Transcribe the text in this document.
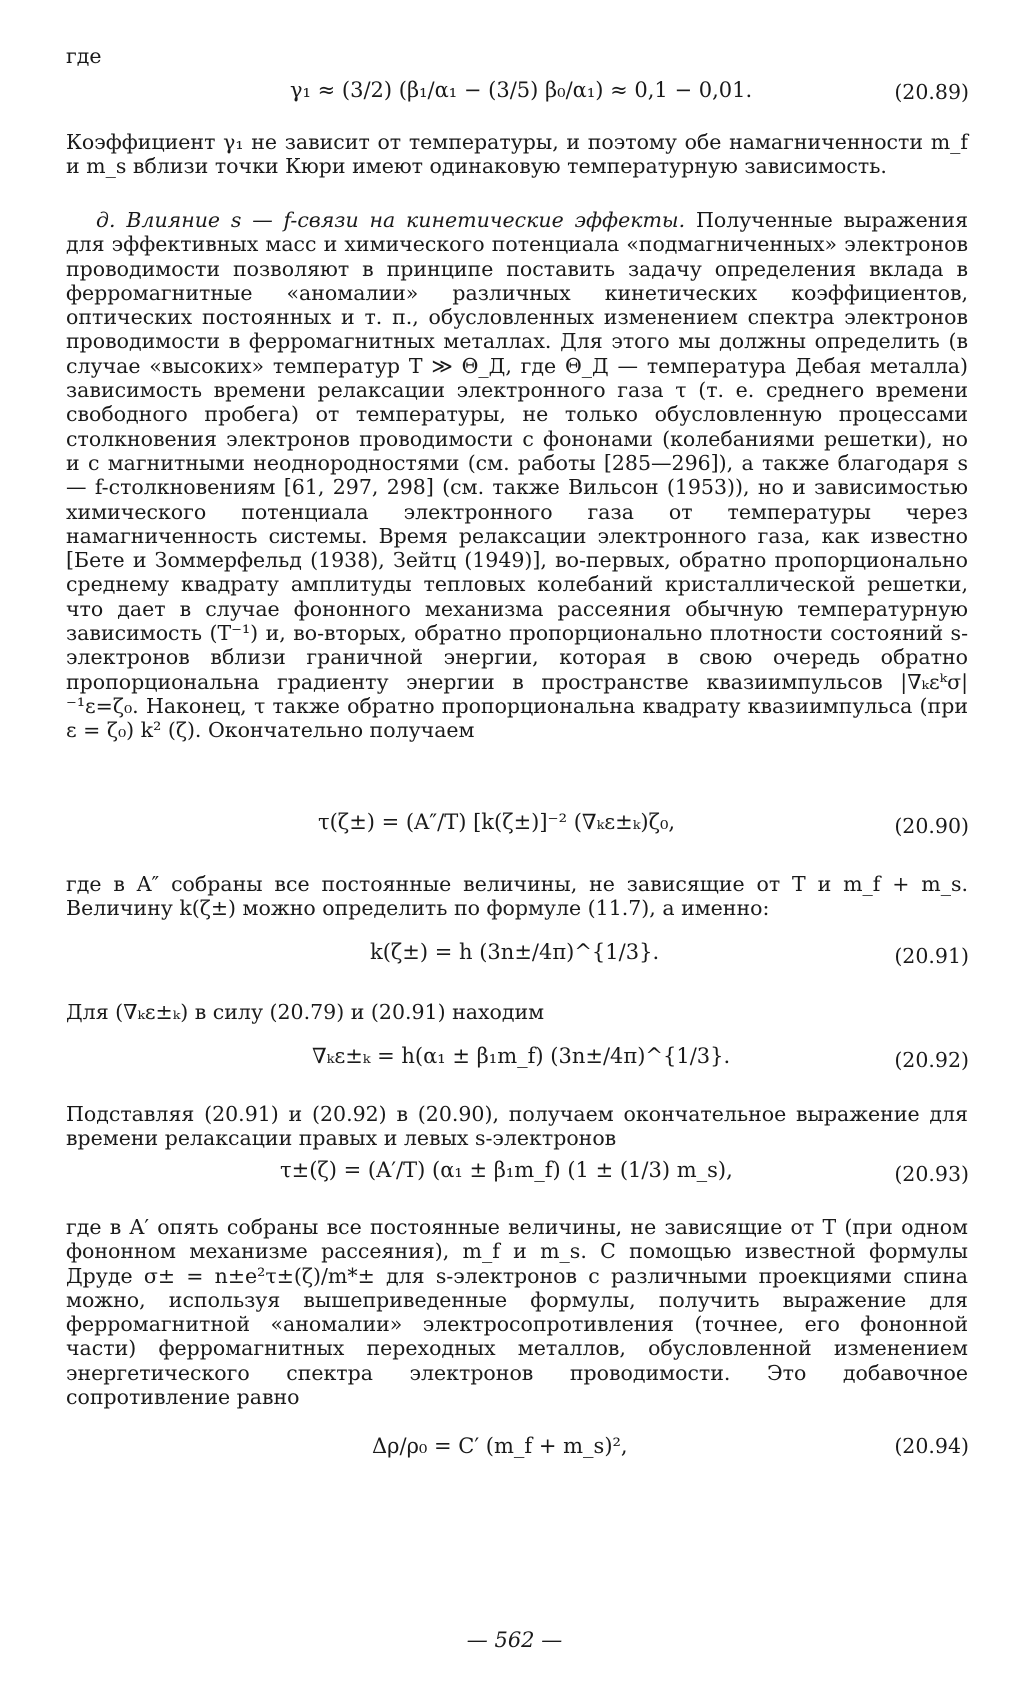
где
γ₁ ≈ (3/2) (β₁/α₁ − (3/5) β₀/α₁) ≈ 0,1 − 0,01.	(20.89)

Коэффициент γ₁ не зависит от температуры, и поэтому обе намагниченности m_f и m_s вблизи точки Кюри имеют одинаковую температурную зависимость.

д. Влияние s — f-связи на кинетические эффекты. Полученные выражения для эффективных масс и химического потенциала «подмагниченных» электронов проводимости позволяют в принципе поставить задачу определения вклада в ферромагнитные «аномалии» различных кинетических коэффициентов, оптических постоянных и т. п., обусловленных изменением спектра электронов проводимости в ферромагнитных металлах. Для этого мы должны определить (в случае «высоких» температур T ≫ Θ_Д, где Θ_Д — температура Дебая металла) зависимость времени релаксации электронного газа τ (т. е. среднего времени свободного пробега) от температуры, не только обусловленную процессами столкновения электронов проводимости с фононами (колебаниями решетки), но и с магнитными неоднородностями (см. работы [285—296]), а также благодаря s — f-столкновениям [61, 297, 298] (см. также Вильсон (1953)), но и зависимостью химического потенциала электронного газа от температуры через намагниченность системы. Время релаксации электронного газа, как известно [Бете и Зоммерфельд (1938), Зейтц (1949)], во-первых, обратно пропорционально среднему квадрату амплитуды тепловых колебаний кристаллической решетки, что дает в случае фононного механизма рассеяния обычную температурную зависимость (T⁻¹) и, во-вторых, обратно пропорционально плотности состояний s-электронов вблизи граничной энергии, которая в свою очередь обратно пропорциональна градиенту энергии в пространстве квазиимпульсов |∇ₖεᵏσ|⁻¹ε=ζ₀. Наконец, τ также обратно пропорциональна квадрату квазиимпульса (при ε = ζ₀) k² (ζ). Окончательно получаем

τ(ζ±) = (A″/T) [k(ζ±)]⁻² (∇ₖε±ₖ)ζ₀,	(20.90)

где в A″ собраны все постоянные величины, не зависящие от T и m_f + m_s. Величину k(ζ±) можно определить по формуле (11.7), а именно:

k(ζ±) = h (3n±/4π)^{1/3}.	(20.91)

Для (∇ₖε±ₖ) в силу (20.79) и (20.91) находим

∇ₖε±ₖ = h(α₁ ± β₁m_f) (3n±/4π)^{1/3}.	(20.92)

Подставляя (20.91) и (20.92) в (20.90), получаем окончательное выражение для времени релаксации правых и левых s-электронов

τ±(ζ) = (A′/T) (α₁ ± β₁m_f) (1 ± (1/3) m_s),	(20.93)

где в A′ опять собраны все постоянные величины, не зависящие от T (при одном фононном механизме рассеяния), m_f и m_s. С помощью известной формулы Друде σ± = n±e²τ±(ζ)/m*± для s-электронов с различными проекциями спина можно, используя вышеприведенные формулы, получить выражение для ферромагнитной «аномалии» электросопротивления (точнее, его фононной части) ферромагнитных переходных металлов, обусловленной изменением энергетического спектра электронов проводимости. Это добавочное сопротивление равно

Δρ/ρ₀ = C′ (m_f + m_s)²,	(20.94)
— 562 —
